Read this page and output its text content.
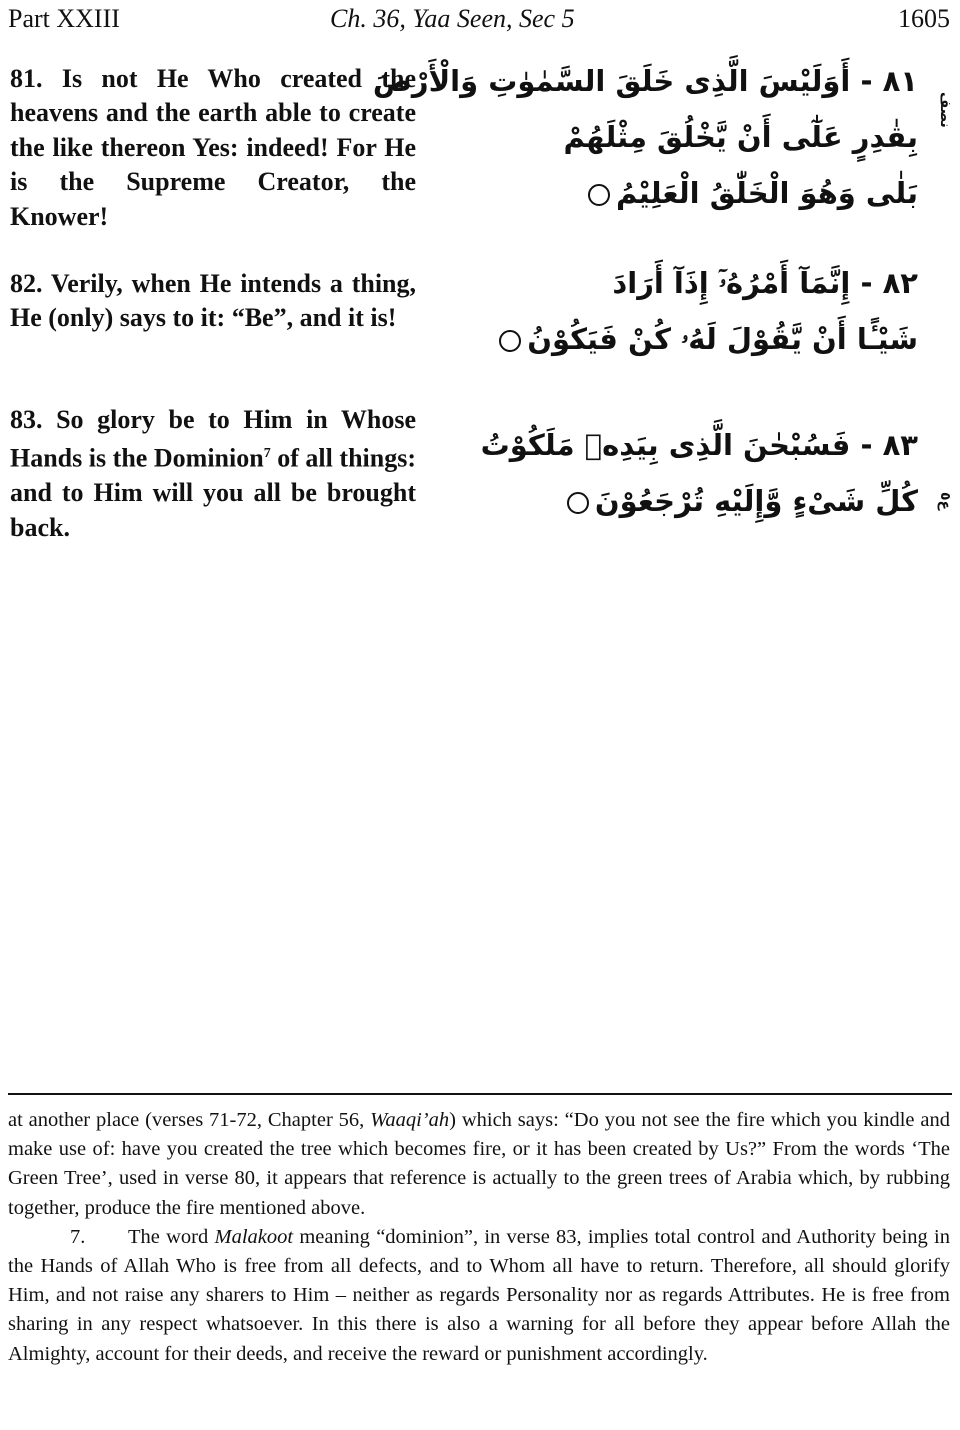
Part XXIII	Ch. 36, Yaa Seen, Sec 5	1605
81. Is not He Who created the heavens and the earth able to create the like thereon Yes: indeed! For He is the Supreme Creator, the Knower!
٨١ - أَوَلَيْسَ الَّذِى خَلَقَ السَّمٰوٰتِ وَالْأَرْضَ
بِقٰدِرٍ عَلٰٓى أَنْ يَّخْلُقَ مِثْلَهُمْ
بَلٰى وَهُوَ الْخَلّٰقُ الْعَلِيْمُ
نصف
82. Verily, when He intends a thing, He (only) says to it: “Be”, and it is!
٨٢ - إِنَّمَآ أَمْرُهُۥٓ إِذَآ أَرَادَ
شَيْـًٔا أَنْ يَّقُوْلَ لَهُۥ كُنْ فَيَكُوْنُ
83. So glory be to Him in Whose Hands is the Dominion$^7$ of all things: and to Him will you all be brought back.
٨٣ - فَسُبْحٰنَ الَّذِى بِيَدِهٖ مَلَكُوْتُ
كُلِّ شَىْءٍ وَّإِلَيْهِ تُرْجَعُوْنَ	ع٥

at another place (verses 71-72, Chapter 56, Waaqi’ah) which says: “Do you not see the fire which you kindle and make use of: have you created the tree which becomes fire, or it has been created by Us?” From the words ‘The Green Tree’, used in verse 80, it appears that reference is actually to the green trees of Arabia which, by rubbing together, produce the fire mentioned above.

7. The word Malakoot meaning “dominion”, in verse 83, implies total control and Authority being in the Hands of Allah Who is free from all defects, and to Whom all have to return. Therefore, all should glorify Him, and not raise any sharers to Him – neither as regards Personality nor as regards Attributes. He is free from sharing in any respect whatsoever. In this there is also a warning for all before they appear before Allah the Almighty, account for their deeds, and receive the reward or punishment accordingly.
